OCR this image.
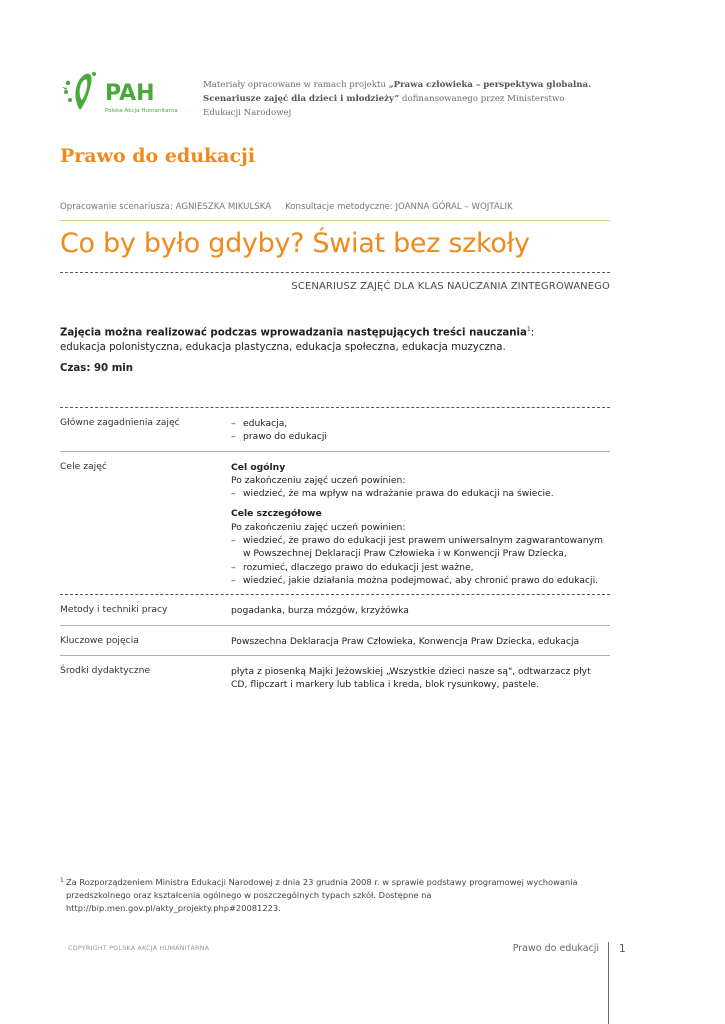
PAH
Polska Akcja Humanitarna
Materiały opracowane w ramach projektu „Prawa człowieka – perspektywa globalna.
Scenariusze zajęć dla dzieci i młodzieży” dofinansowanego przez Ministerstwo
Edukacji Narodowej
Prawo do edukacji
Opracowanie scenariusza: AGNIESZKA MIKULSKA Konsultacje metodyczne: JOANNA GÓRAL – WOJTALIK
Co by było gdyby? Świat bez szkoły
SCENARIUSZ ZAJĘĆ DLA KLAS NAUCZANIA ZINTEGROWANEGO
Zajęcia można realizować podczas wprowadzania następujących treści nauczania$^1$:
edukacja polonistyczna, edukacja plastyczna, edukacja społeczna, edukacja muzyczna.
Czas: 90 min
Główne zagadnienia zajęć	– edukacja,
– prawo do edukacji
Cele zajęć	Cel ogólny
Po zakończeniu zajęć uczeń powinien:
– wiedzieć, że ma wpływ na wdrażanie prawa do edukacji na świecie.
Cele szczegółowe
Po zakończeniu zajęć uczeń powinien:
– wiedzieć, że prawo do edukacji jest prawem uniwersalnym zagwarantowanym w Powszechnej Deklaracji Praw Człowieka i w Konwencji Praw Dziecka,
– rozumieć, dlaczego prawo do edukacji jest ważne,
– wiedzieć, jakie działania można podejmować, aby chronić prawo do edukacji.
Metody i techniki pracy	pogadanka, burza mózgów, krzyżówka
Kluczowe pojęcia	Powszechna Deklaracja Praw Człowieka, Konwencja Praw Dziecka, edukacja
Środki dydaktyczne	płyta z piosenką Majki Jeżowskiej „Wszystkie dzieci nasze są", odtwarzacz płyt CD, flipczart i markery lub tablica i kreda, blok rysunkowy, pastele.
1 Za Rozporządzeniem Ministra Edukacji Narodowej z dnia 23 grudnia 2008 r. w sprawie podstawy programowej wychowania przedszkolnego oraz kształcenia ogólnego w poszczególnych typach szkół. Dostępne na http://bip.men.gov.pl/akty_projekty.php#20081223.
COPYRIGHT POLSKA AKCJA HUMANITARNA	Prawo do edukacji 1
